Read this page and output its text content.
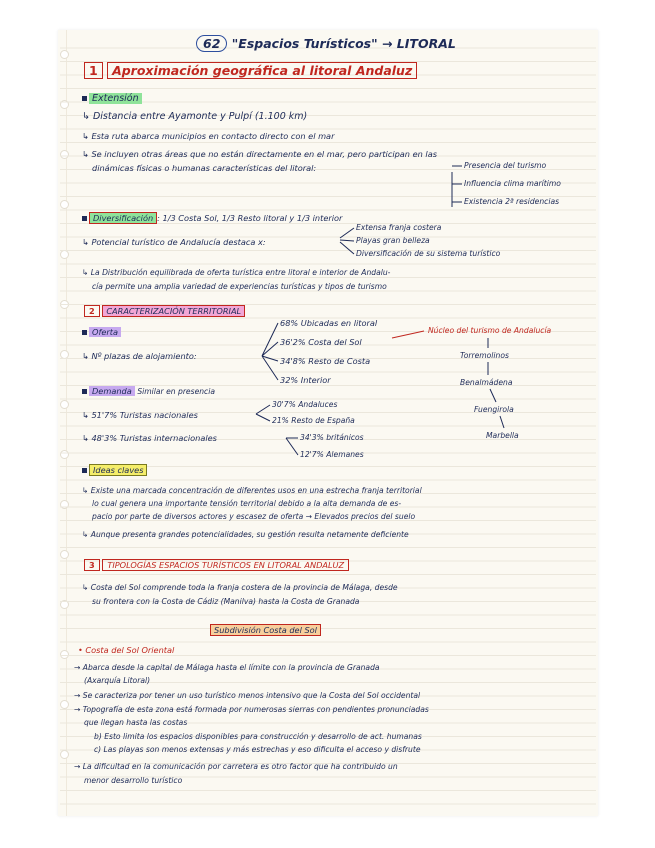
62 "Espacios Turísticos" → LITORAL
1 Aproximación geográfica al litoral Andaluz
Extensión
↳ Distancia entre Ayamonte y Pulpí (1.100 km)
↳ Esta ruta abarca municipios en contacto directo con el mar
↳ Se incluyen otras áreas que no están directamente en el mar, pero participan en las
dinámicas físicas o humanas características del litoral:	Presencia del turismo
Influencia clima marítimo
Existencia 2ª residencias
Diversificación : 1/3 Costa Sol, 1/3 Resto litoral y 1/3 interior
↳ Potencial turístico de Andalucía destaca x:
Extensa franja costera
Playas gran belleza
Diversificación de su sistema turístico
↳ La Distribución equilibrada de oferta turística entre litoral e interior de Andalu-
cía permite una amplia variedad de experiencias turísticas y tipos de turismo
2 CARACTERIZACIÓN TERRITORIAL
Oferta
↳ Nº plazas de alojamiento:
68% Ubicadas en litoral
36'2% Costa del Sol
34'8% Resto de Costa
32% Interior
Núcleo del turismo de Andalucía
Torremolinos
Benalmádena
Fuengirola
Marbella
Demanda Similar en presencia
↳ 51'7% Turistas nacionales
30'7% Andaluces
21% Resto de España
↳ 48'3% Turistas internacionales	34'3% británicos
12'7% Alemanes
Ideas claves
↳ Existe una marcada concentración de diferentes usos en una estrecha franja territorial
lo cual genera una importante tensión territorial debido a la alta demanda de es-
pacio por parte de diversos actores y escasez de oferta → Elevados precios del suelo
↳ Aunque presenta grandes potencialidades, su gestión resulta netamente deficiente
3 TIPOLOGÍAS ESPACIOS TURÍSTICOS EN LITORAL ANDALUZ
↳ Costa del Sol comprende toda la franja costera de la provincia de Málaga, desde
su frontera con la Costa de Cádiz (Manilva) hasta la Costa de Granada
Subdivisión Costa del Sol
• Costa del Sol Oriental
→ Abarca desde la capital de Málaga hasta el límite con la provincia de Granada
(Axarquía Litoral)
→ Se caracteriza por tener un uso turístico menos intensivo que la Costa del Sol occidental
→ Topografía de esta zona está formada por numerosas sierras con pendientes pronunciadas
que llegan hasta las costas
b) Esto limita los espacios disponibles para construcción y desarrollo de act. humanas
c) Las playas son menos extensas y más estrechas y eso dificulta el acceso y disfrute
→ La dificultad en la comunicación por carretera es otro factor que ha contribuido un
menor desarrollo turístico
